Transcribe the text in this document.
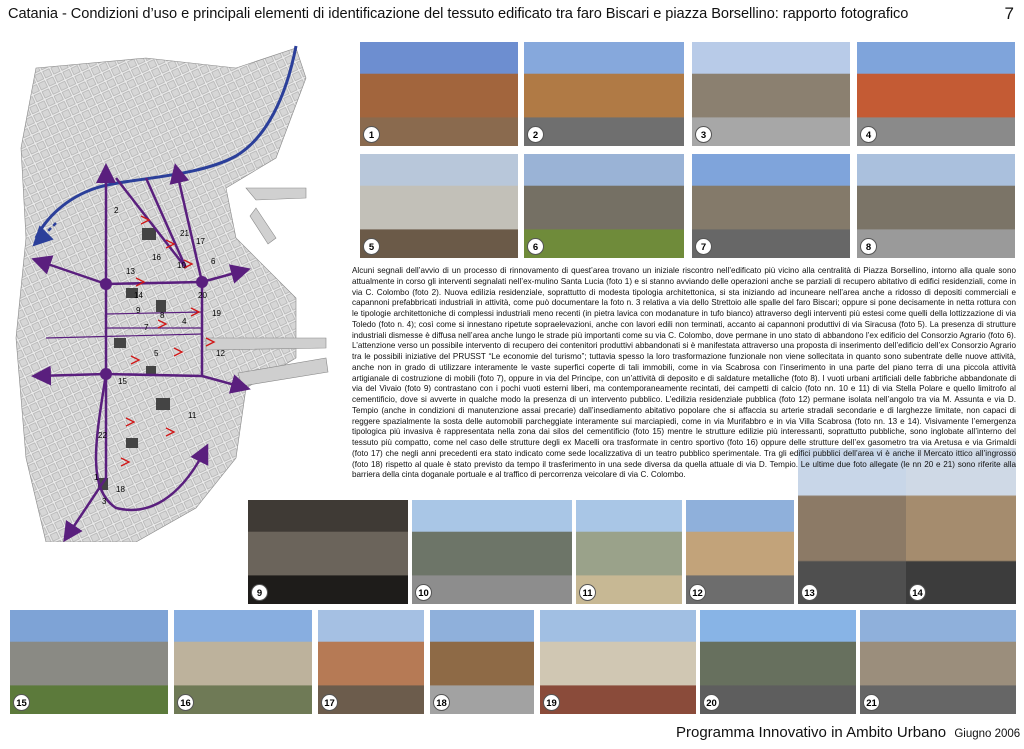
Catania - Condizioni d’uso e principali elementi di identificazione del tessuto edificato tra faro Biscari e piazza Borsellino: rapporto fotografico	7
2
21
17
6
16
10
13
20
14
8
4
19
9
7
5	12
15
11
22
1
3
18
1	2	3	4
5	6	7	8
9	10	11	12	13	14
15	16	17	18	19	20	21
Alcuni segnali dell’avvio di un processo di rinnovamento di quest’area trovano un iniziale riscontro nell’edificato più vicino alla centralità di Piazza Borsellino, intorno alla quale sono attualmente in corso gli interventi segnalati nell’ex-mulino Santa Lucia (foto 1) e si stanno avviando delle operazioni anche se parziali di recupero abitativo di edifici residenziali, come in via C. Colombo (foto 2). Nuova edilizia residenziale, soprattutto di modesta tipologia architettonica, si sta iniziando ad incunearе nell’area anche a ridosso di depositi commerciali e capannoni prefabbricati industriali in attività, come può documentare la foto n. 3 relativa a via dello Strettoio alle spalle del faro Biscari; oppure si pone decisamente in netta rottura con le tipologie architettoniche di complessi industriali meno recenti (in pietra lavica con modanature in tufo bianco) attraverso degli interventi più estesi come quelli della lottizzazione di via Toledo (foto n. 4); così come si innestano ripetute sopraelevazioni, anche con lavori edili non terminati, accanto ai capannoni produttivi di via Siracusa (foto 5). La presenza di strutture industriali dismesse è diffusa nell’area anche lungo le strade più importanti come su via C. Colombo, dove permane in uno stato di abbandono l’ex edificio del Consorzio Agrario (foto 6). L’attenzione verso un possibile intervento di recupero dei contenitori produttivi abbandonati si è manifestata attraverso una proposta di inserimento dell’edificio dell’ex Consorzio Agrario tra le possibili iniziative del PRUSST “Le economie del turismo”; tuttavia spesso la loro trasformazione funzionale non viene sollecitata in quanto sono subentrate delle nuove attività, anche non in grado di utilizzare interamente le vaste superfici coperte di tali immobili, come in via Scabrosa con l’inserimento in una parte del piano terra di una piccola attività artigianale di costruzione di mobili (foto 7), oppure in via del Principe, con un’attività di deposito e di saldature metalliche (foto 8). I vuoti urbani artificiali delle fabbriche abbandonate di via del Vivaio (foto 9) contrastano con i pochi vuoti esterni liberi, ma contemporaneamente recintati, dei campetti di calcio (foto nn. 10 e 11) di via Stella Polare e quello limitrofo al cementificio, dove si avverte in qualche modo la presenza di un intervento pubblico. L’edilizia residenziale pubblica (foto 12) permane isolata nell’angolo tra via M. Assunta e via D. Tempio (anche in condizioni di manutenzione assai precarie) dall’insediamento abitativo popolare che si affaccia su arterie stradali secondarie e di larghezze limitate, non capaci di reggere spazialmente la sosta delle automobili parcheggiate interamente sui marciapiedi, come in via Murifabbro e in via Villa Scabrosa (foto nn. 13 e 14). Visivamente l’emergenza tipologica più invasiva è rappresentata nella zona dai silos del cementificio (foto 15) mentre le strutture edilizie più interessanti, soprattutto pubbliche, sono inglobate all’interno del tessuto più compatto, come nel caso delle strutture degli ex Macelli ora trasformate in centro sportivo (foto 16) oppure delle strutture dell’ex gasometro tra via Aretusa e via Grimaldi (foto 17) che negli anni precedenti era stato indicato come sede localizzativa di un teatro pubblico sperimentale. Tra gli edifici pubblici dell’area vi è anche il Mercato ittico all’ingrosso (foto 18) rispetto al quale è stato previsto da tempo il trasferimento in una sede diversa da quella attuale di via D. Tempio. Le ultime due foto allegate (le nn 20 e 21) sono riferite alla barriera della cinta doganale portuale e al traffico di percorrenza veicolare di via C. Colombo.
Programma Innovativo in Ambito Urbano Giugno 2006
